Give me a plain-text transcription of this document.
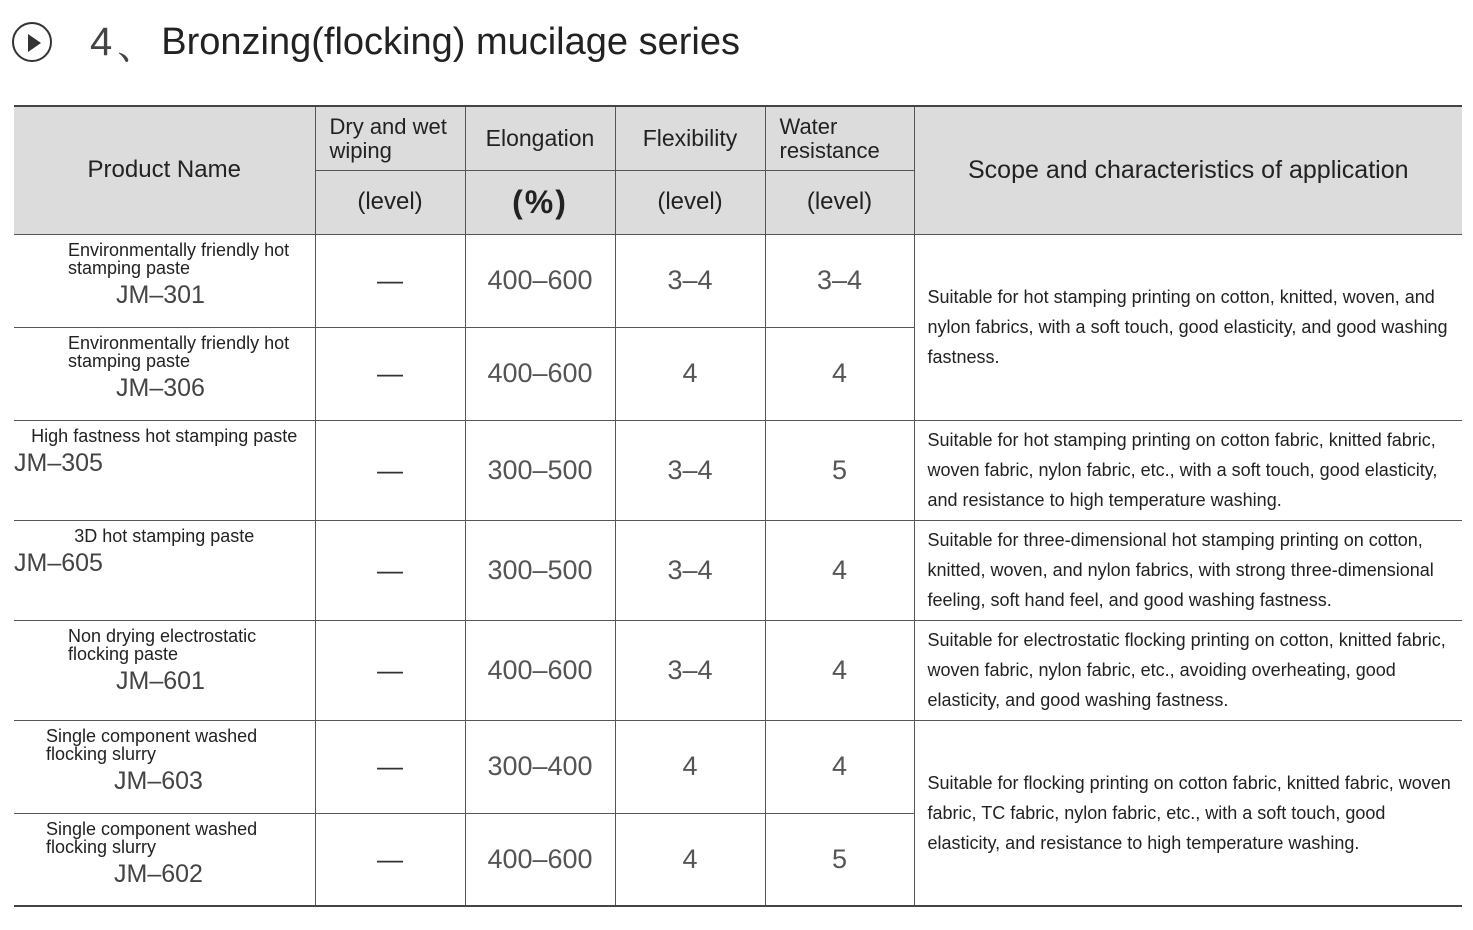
4 、 Bronzing(flocking) mucilage series
Product Name	Dry and wet wiping	Elongation	Flexibility	Water resistance	Scope and characteristics of application
	(level)	(%)	(level)	(level)	

Environmentally friendly hot stamping paste
JM–301	—	400–600	3–4	3–4	Suitable for hot stamping printing on cotton, knitted, woven, and nylon fabrics, with a soft touch, good elasticity, and good washing fastness.

Environmentally friendly hot stamping paste
JM–306	—	400–600	4	4	

High fastness hot stamping paste
JM–305	—	300–500	3–4	5	Suitable for hot stamping printing on cotton fabric, knitted fabric, woven fabric, nylon fabric, etc., with a soft touch, good elasticity, and resistance to high temperature washing.

3D hot stamping paste
JM–605	—	300–500	3–4	4	Suitable for three-dimensional hot stamping printing on cotton, knitted, woven, and nylon fabrics, with strong three-dimensional feeling, soft hand feel, and good washing fastness.

Non drying electrostatic flocking paste
JM–601	—	400–600	3–4	4	Suitable for electrostatic flocking printing on cotton, knitted fabric, woven fabric, nylon fabric, etc., avoiding overheating, good elasticity, and good washing fastness.

Single component washed flocking slurry
JM–603	—	300–400	4	4	Suitable for flocking printing on cotton fabric, knitted fabric, woven fabric, TC fabric, nylon fabric, etc., with a soft touch, good elasticity, and resistance to high temperature washing.

Single component washed flocking slurry
JM–602	—	400–600	4	5	
